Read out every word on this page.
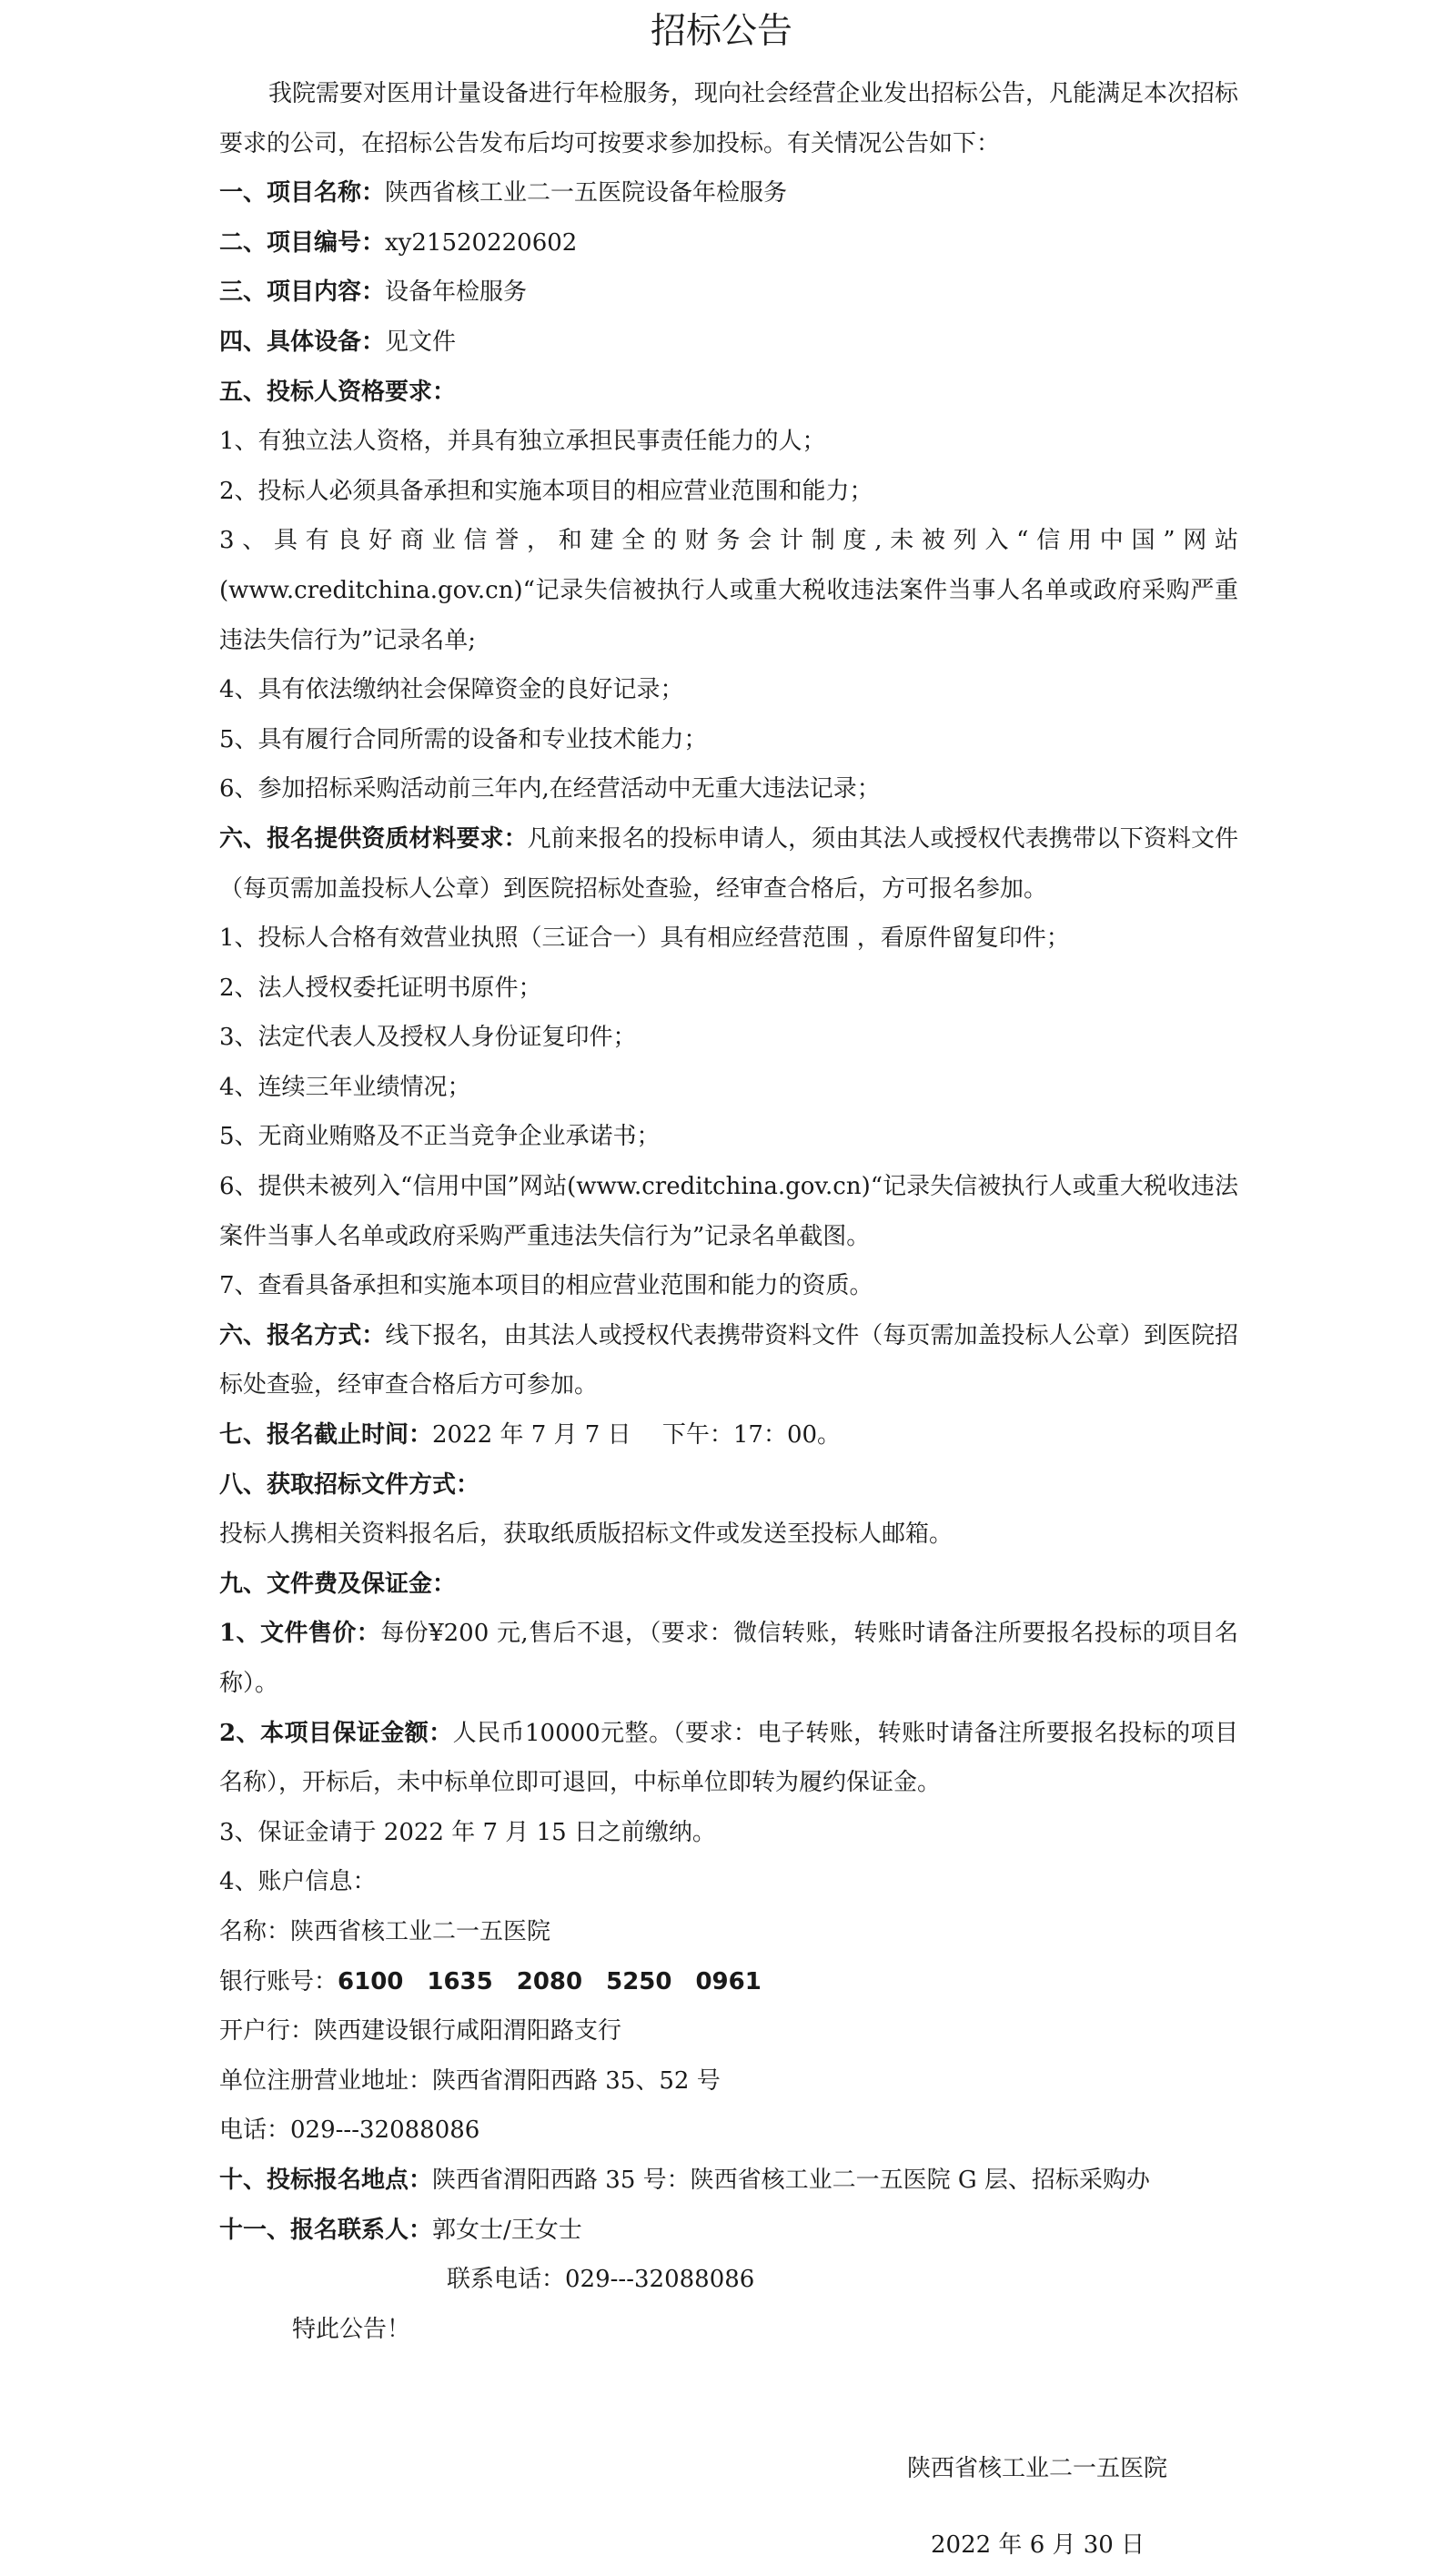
招标公告

我院需要对医用计量设备进行年检服务，现向社会经营企业发出招标公告，凡能满足本次招标要求的公司，在招标公告发布后均可按要求参加投标。有关情况公告如下：

一、项目名称：陕西省核工业二一五医院设备年检服务

二、项目编号：xy21520220602

三、项目内容：设备年检服务

四、具体设备：见文件

五、投标人资格要求：

1、有独立法人资格，并具有独立承担民事责任能力的人；

2、投标人必须具备承担和实施本项目的相应营业范围和能力；

3、具有良好商业信誉，和建全的财务会计制度,未被列入“信用中国”网站(www.creditchina.gov.cn)“记录失信被执行人或重大税收违法案件当事人名单或政府采购严重违法失信行为”记录名单;

4、具有依法缴纳社会保障资金的良好记录；

5、具有履行合同所需的设备和专业技术能力；

6、参加招标采购活动前三年内,在经营活动中无重大违法记录；

六、报名提供资质材料要求：凡前来报名的投标申请人，须由其法人或授权代表携带以下资料文件（每页需加盖投标人公章）到医院招标处查验，经审查合格后，方可报名参加。

1、投标人合格有效营业执照（三证合一）具有相应经营范围 ，看原件留复印件；

2、法人授权委托证明书原件；

3、法定代表人及授权人身份证复印件；

4、连续三年业绩情况；

5、无商业贿赂及不正当竞争企业承诺书；

6、提供未被列入“信用中国”网站(www.creditchina.gov.cn)“记录失信被执行人或重大税收违法案件当事人名单或政府采购严重违法失信行为”记录名单截图。

7、查看具备承担和实施本项目的相应营业范围和能力的资质。

六、报名方式：线下报名，由其法人或授权代表携带资料文件（每页需加盖投标人公章）到医院招标处查验，经审查合格后方可参加。

七、报名截止时间：2022 年 7 月 7 日　 下午：17：00。

八、获取招标文件方式：

投标人携相关资料报名后，获取纸质版招标文件或发送至投标人邮箱。

九、文件费及保证金：

1、文件售价：每份¥200 元,售后不退，（要求：微信转账，转账时请备注所要报名投标的项目名称）。

2、本项目保证金额：人民币10000元整。（要求：电子转账，转账时请备注所要报名投标的项目名称），开标后，未中标单位即可退回，中标单位即转为履约保证金。

3、保证金请于 2022 年 7 月 15 日之前缴纳。

4、账户信息：

名称：陕西省核工业二一五医院

银行账号：6100　1635　2080　5250　0961

开户行：陕西建设银行咸阳渭阳路支行

单位注册营业地址：陕西省渭阳西路 35、52 号

电话：029---32088086

十、投标报名地点：陕西省渭阳西路 35 号：陕西省核工业二一五医院 G 层、招标采购办

十一、报名联系人：郭女士/王女士

联系电话：029---32088086

特此公告！

陕西省核工业二一五医院
2022 年 6 月 30 日
